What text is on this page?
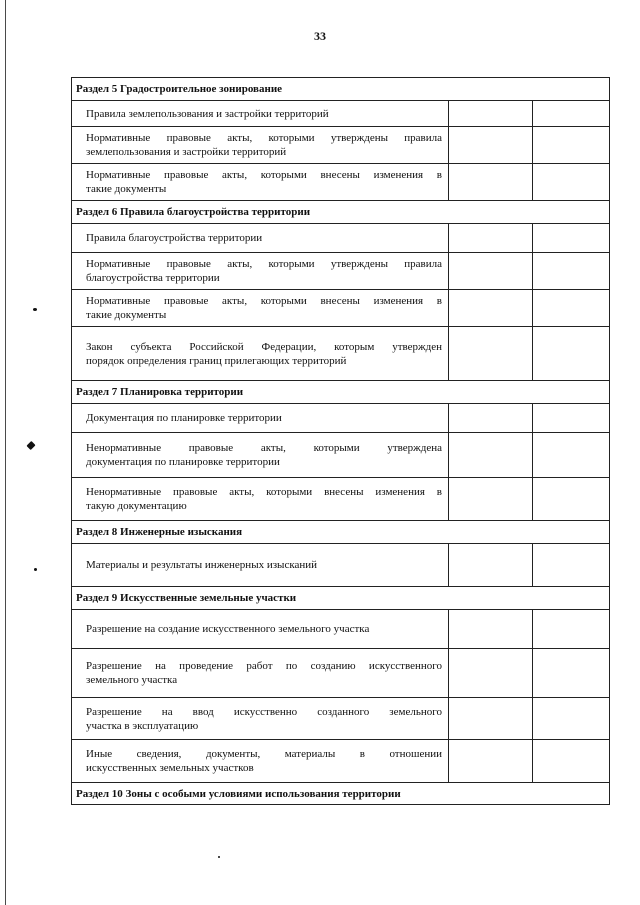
33
Раздел 5 Градостроительное зонирование		

Правила землепользования и застройки территорий		

Нормативные правовые акты, которыми утверждены правила
землепользования и застройки территорий		

Нормативные правовые акты, которыми внесены изменения в
такие документы		

Раздел 6 Правила благоустройства территории		

Правила благоустройства территории		

Нормативные правовые акты, которыми утверждены правила
благоустройства территории		

Нормативные правовые акты, которыми внесены изменения в
такие документы		

Закон субъекта Российской Федерации, которым утвержден
порядок определения границ прилегающих территорий		

Раздел 7 Планировка территории		

Документация по планировке территории		

Ненормативные правовые акты, которыми утверждена
документация по планировке территории		

Ненормативные правовые акты, которыми внесены изменения в
такую документацию		

Раздел 8 Инженерные изыскания		

Материалы и результаты инженерных изысканий		

Раздел 9 Искусственные земельные участки		

Разрешение на создание искусственного земельного участка		

Разрешение на проведение работ по созданию искусственного
земельного участка		

Разрешение на ввод искусственно созданного земельного
участка в эксплуатацию		

Иные сведения, документы, материалы в отношении
искусственных земельных участков		

Раздел 10 Зоны с особыми условиями использования территории		
